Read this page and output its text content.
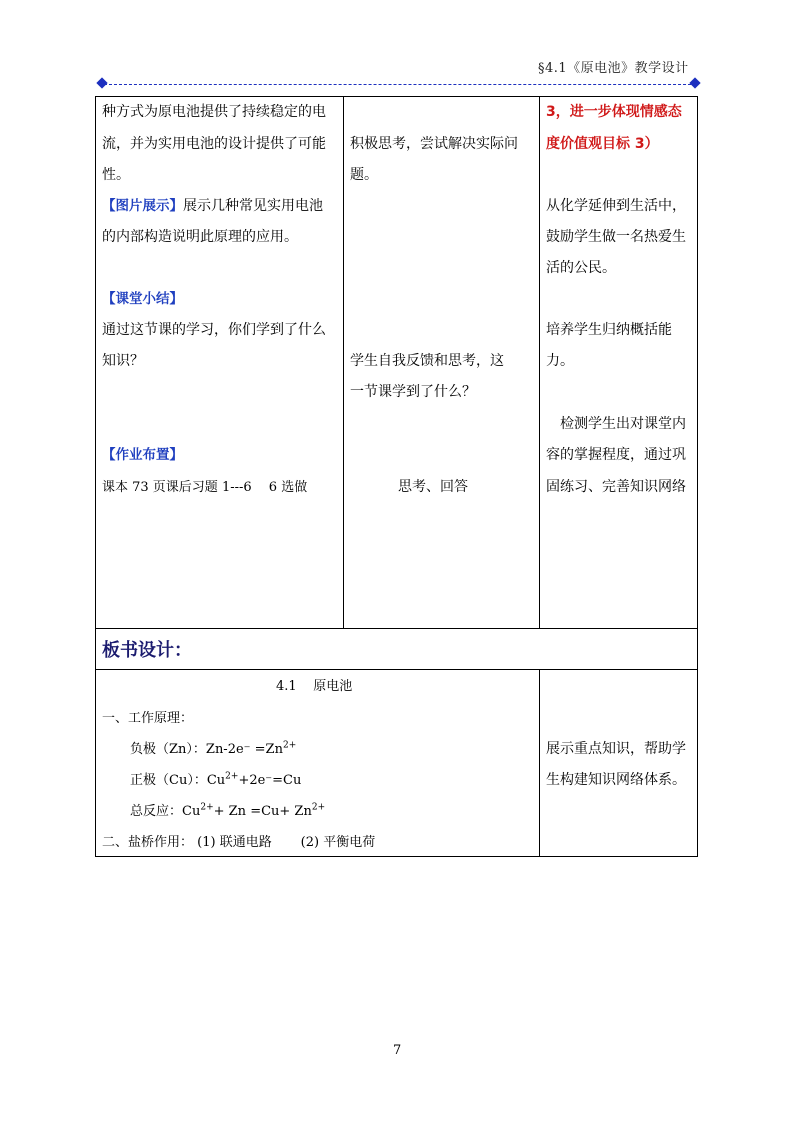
§4.1《原电池》教学设计
种方式为原电池提供了持续稳定的电
流，并为实用电池的设计提供了可能
性。
【图片展示】展示几种常见实用电池
的内部构造说明此原理的应用。
【课堂小结】
通过这节课的学习，你们学到了什么
知识？
【作业布置】
课本 73 页课后习题 1---6　 6 选做
积极思考，尝试解决实际问
题。
学生自我反馈和思考，这
一节课学到了什么？
思考、回答
3，进一步体现情感态
度价值观目标 3）
从化学延伸到生活中，
鼓励学生做一名热爱生
活的公民。
培养学生归纳概括能
力。
检测学生出对课堂内
容的掌握程度，通过巩
固练习、完善知识网络
板书设计：
4.1 原电池
一、工作原理：
负极（Zn）：$Zn-2e^- =Zn^{2+}$
正极（Cu）：$Cu^{2+}+2e^-=Cu$
总反应：$Cu^{2+}+ Zn =Cu+ Zn^{2+}$
二、盐桥作用： (1) 联通电路 (2) 平衡电荷
展示重点知识，帮助学
生构建知识网络体系。
7
